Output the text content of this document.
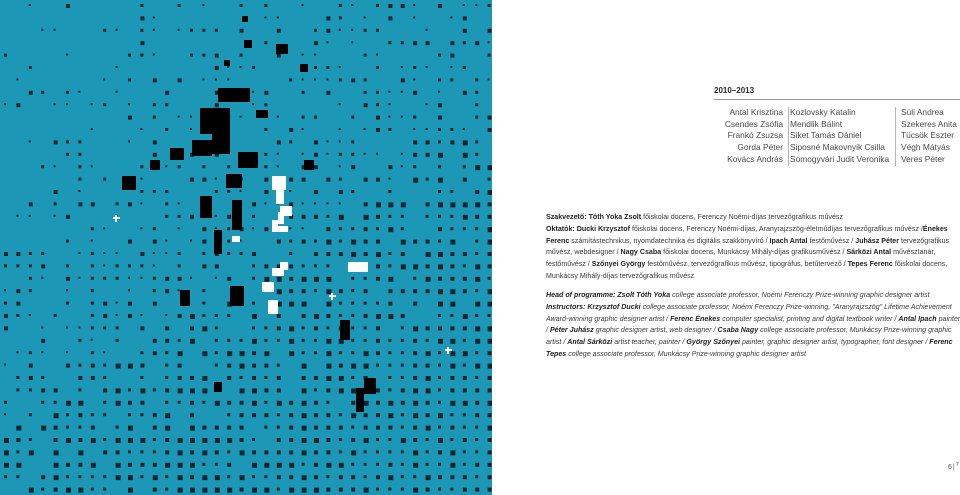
2010–2013
Antal Krisztina
Csendes Zsófia
Frankó Zsuzsa
Gorda Péter
Kovács András
Kozlovsky Katalin
Mendlik Bálint
Siket Tamás Dániel
Siposné Makovnyik Csilla
Somogyvári Judit Veronika
Süli Andrea
Szekeres Anita
Tücsök Eszter
Végh Mátyás
Veres Péter
Szakvezető: Tóth Yoka Zsolt főiskolai docens, Ferenczy Noémi-díjas tervezőgrafikus művész
Oktatók: Ducki Krzysztof főiskolai docens, Ferenczy Noémi-díjas, Aranyrajzszög-életműdíjas tervezőgrafikus művész /Énekes Ferenc számítástechnikus, nyomdatechnika és digitális szakkönyvíró / Ipach Antal festőművész / Juhász Péter tervezőgrafikus művész, webdesigner / Nagy Csaba főiskolai docens, Munkácsy Mihály-díjas grafikusművész / Sárközi Antal művésztanár, festőművész / Szőnyei György festőművész, tervezőgrafikus művész, tipográfus, betűtervező / Tepes Ferenc főiskolai docens, Munkácsy Mihály-díjas tervezőgrafikus művész
Head of programme: Zsolt Tóth Yoka college associate professor, Noémi Ferenczy Prize-winning graphic designer artist
Instructors: Krzysztof Ducki college associate professor, Noémi Ferenczy Prize-winning, "Aranyrajzszög" Lifetime Achievement Award-winning graphic designer artist / Ferenc Énekes computer specialist, printing and digital textbook writer / Antal Ipach painter / Péter Juhász graphic designer artist, web designer / Csaba Nagy college associate professor, Munkácsy Prize-winning graphic artist / Antal Sárközi artist teacher, painter / György Szőnyei painter, graphic designer artist, typographer, font designer / Ferenc Tepes college associate professor, Munkácsy Prize-winning graphic designer artist
$6|^7$
